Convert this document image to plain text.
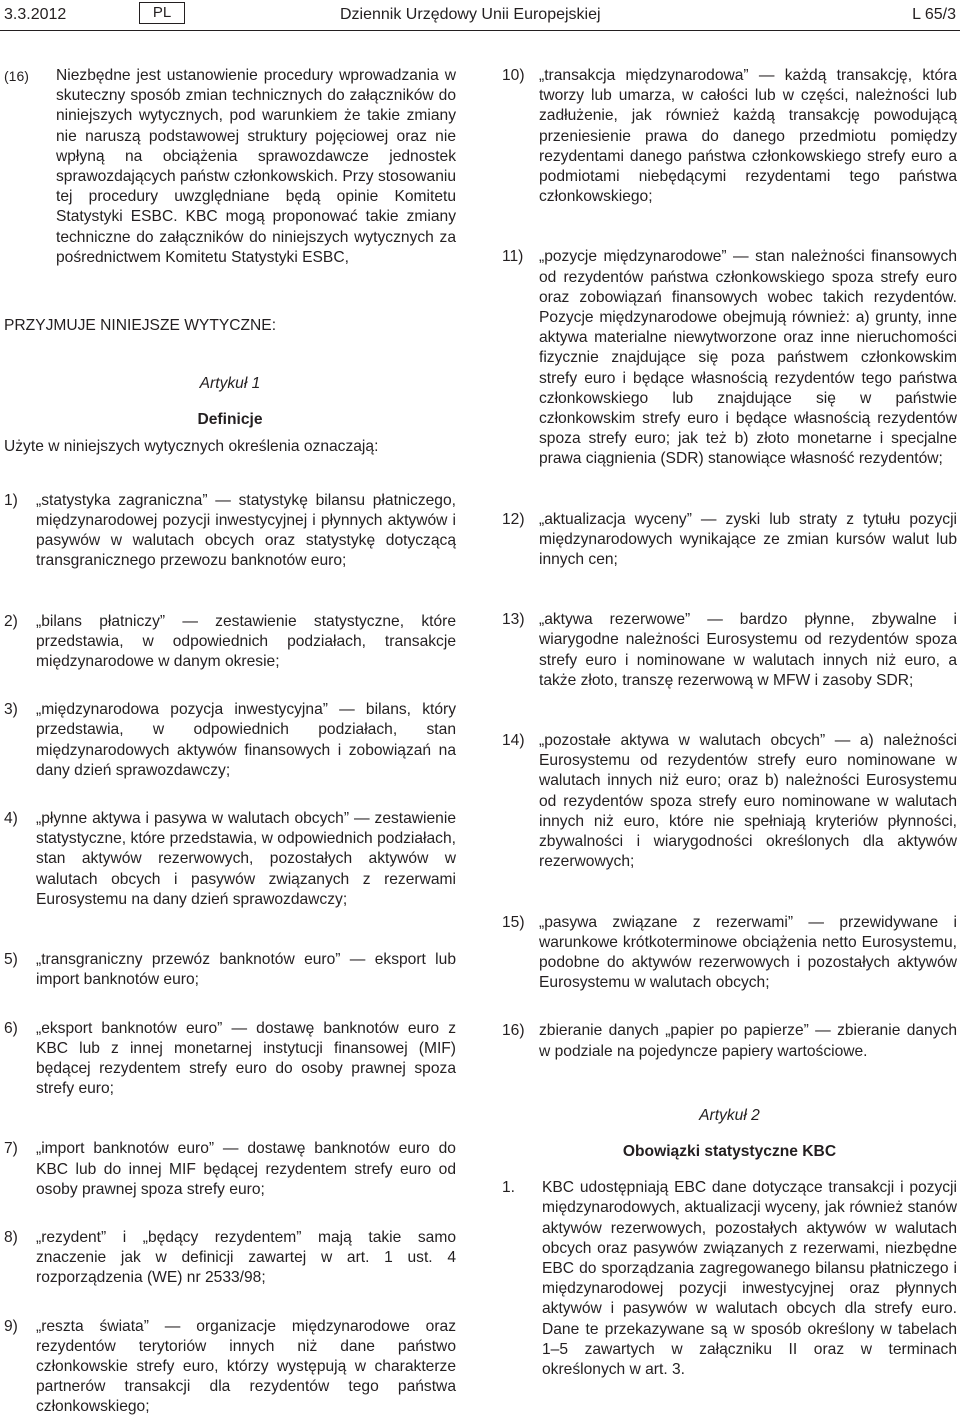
3.3.2012	PL	Dziennik Urzędowy Unii Europejskiej	L 65/3
(16)	Niezbędne jest ustanowienie procedury wprowadzania w skuteczny sposób zmian technicznych do załączników do niniejszych wytycznych, pod warunkiem że takie zmiany nie naruszą podstawowej struktury pojęciowej oraz nie wpłyną na obciążenia sprawozdawcze jednostek sprawozdających państw członkowskich. Przy stosowaniu tej procedury uwzględniane będą opinie Komitetu Statystyki ESBC. KBC mogą proponować takie zmiany techniczne do załączników do niniejszych wytycznych za pośrednictwem Komitetu Statystyki ESBC,

PRZYJMUJE NINIEJSZE WYTYCZNE:

Artykuł 1

Definicje

Użyte w niniejszych wytycznych określenia oznaczają:

1)	„statystyka zagraniczna” — statystykę bilansu płatniczego, międzynarodowej pozycji inwestycyjnej i płynnych aktywów i pasywów w walutach obcych oraz statystykę dotyczącą transgranicznego przewozu banknotów euro;

2)	„bilans płatniczy” — zestawienie statystyczne, które przedstawia, w odpowiednich podziałach, transakcje międzynarodowe w danym okresie;

3)	„międzynarodowa pozycja inwestycyjna” — bilans, który przedstawia, w odpowiednich podziałach, stan międzynarodowych aktywów finansowych i zobowiązań na dany dzień sprawozdawczy;

4)	„płynne aktywa i pasywa w walutach obcych” — zestawienie statystyczne, które przedstawia, w odpowiednich podziałach, stan aktywów rezerwowych, pozostałych aktywów w walutach obcych i pasywów związanych z rezerwami Eurosystemu na dany dzień sprawozdawczy;

5)	„transgraniczny przewóz banknotów euro” — eksport lub import banknotów euro;

6)	„eksport banknotów euro” — dostawę banknotów euro z KBC lub z innej monetarnej instytucji finansowej (MIF) będącej rezydentem strefy euro do osoby prawnej spoza strefy euro;

7)	„import banknotów euro” — dostawę banknotów euro do KBC lub do innej MIF będącej rezydentem strefy euro od osoby prawnej spoza strefy euro;

8)	„rezydent” i „będący rezydentem” mają takie samo znaczenie jak w definicji zawartej w art. 1 ust. 4 rozporządzenia (WE) nr 2533/98;

9)	„reszta świata” — organizacje międzynarodowe oraz rezydentów terytoriów innych niż dane państwo członkowskie strefy euro, którzy występują w charakterze partnerów transakcji dla rezydentów tego państwa członkowskiego;

10) „transakcja międzynarodowa” — każdą transakcję, która tworzy lub umarza, w całości lub w części, należności lub zadłużenie, jak również każdą transakcję powodującą przeniesienie prawa do danego przedmiotu pomiędzy rezydentami danego państwa członkowskiego strefy euro a podmiotami niebędącymi rezydentami tego państwa członkowskiego;

11)	„pozycje międzynarodowe” — stan należności finansowych od rezydentów państwa członkowskiego spoza strefy euro oraz zobowiązań finansowych wobec takich rezydentów. Pozycje międzynarodowe obejmują również: a) grunty, inne aktywa materialne niewytworzone oraz inne nieruchomości fizycznie znajdujące się poza państwem członkowskim strefy euro i będące własnością rezydentów tego państwa członkowskiego lub znajdujące się w państwie członkowskim strefy euro i będące własnością rezydentów spoza strefy euro; jak też b) złoto monetarne i specjalne prawa ciągnienia (SDR) stanowiące własność rezydentów;

12) „aktualizacja wyceny” — zyski lub straty z tytułu pozycji międzynarodowych wynikające ze zmian kursów walut lub innych cen;

13) „aktywa rezerwowe” — bardzo płynne, zbywalne i wiarygodne należności Eurosystemu od rezydentów spoza strefy euro i nominowane w walutach innych niż euro, a także złoto, transzę rezerwową w MFW i zasoby SDR;

14) „pozostałe aktywa w walutach obcych” — a) należności Eurosystemu od rezydentów strefy euro nominowane w walutach innych niż euro; oraz b) należności Eurosystemu od rezydentów spoza strefy euro nominowane w walutach innych niż euro, które nie spełniają kryteriów płynności, zbywalności i wiarygodności określonych dla aktywów rezerwowych;

15) „pasywa związane z rezerwami” — przewidywane i warunkowe krótkoterminowe obciążenia netto Eurosystemu, podobne do aktywów rezerwowych i pozostałych aktywów Eurosystemu w walutach obcych;

16) zbieranie danych „papier po papierze” — zbieranie danych w podziale na pojedyncze papiery wartościowe.

Artykuł 2

Obowiązki statystyczne KBC

1.	KBC udostępniają EBC dane dotyczące transakcji i pozycji międzynarodowych, aktualizacji wyceny, jak również stanów aktywów rezerwowych, pozostałych aktywów w walutach obcych oraz pasywów związanych z rezerwami, niezbędne EBC do sporządzania zagregowanego bilansu płatniczego i międzynarodowej pozycji inwestycyjnej oraz płynnych aktywów i pasywów w walutach obcych dla strefy euro. Dane te przekazywane są w sposób określony w tabelach 1–5 zawartych w załączniku II oraz w terminach określonych w art. 3.
